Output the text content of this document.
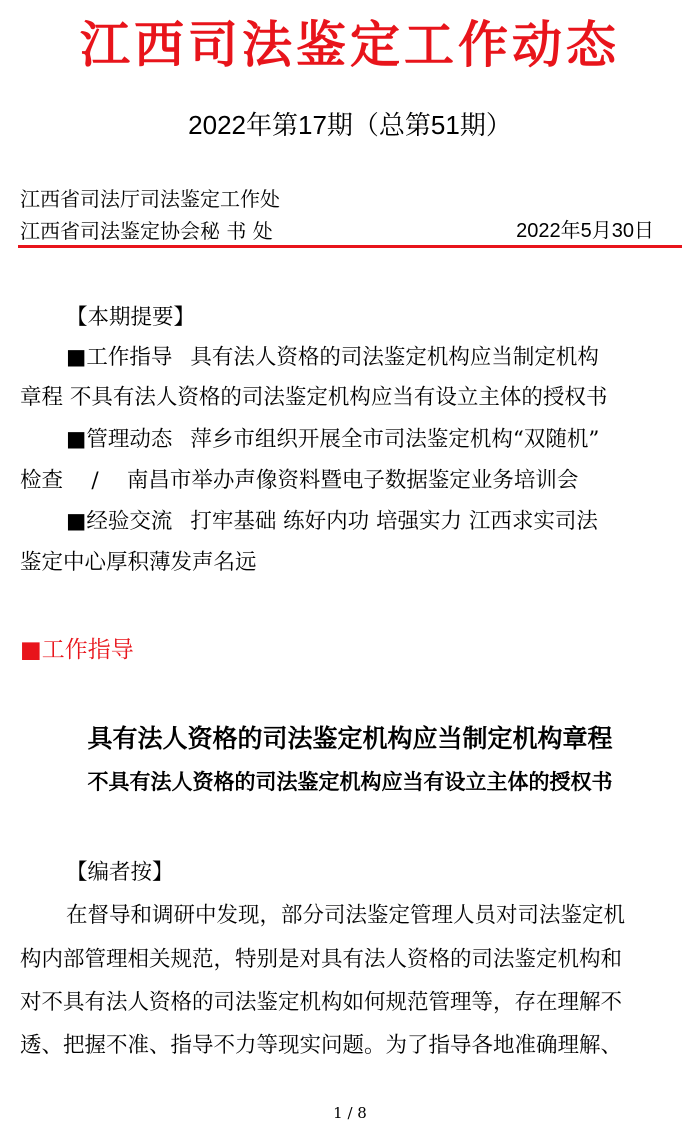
江西司法鉴定工作动态
2022年第17期（总第51期）
江西省司法厅司法鉴定工作处
江西省司法鉴定协会秘 书 处	2022年5月30日
【本期提要】
■工作指导 具有法人资格的司法鉴定机构应当制定机构
章程 不具有法人资格的司法鉴定机构应当有设立主体的授权书
■管理动态 萍乡市组织开展全市司法鉴定机构“双随机”
检查　 /　 南昌市举办声像资料暨电子数据鉴定业务培训会
■经验交流 打牢基础 练好内功 培强实力 江西求实司法
鉴定中心厚积薄发声名远
■工作指导
具有法人资格的司法鉴定机构应当制定机构章程
不具有法人资格的司法鉴定机构应当有设立主体的授权书
【编者按】
在督导和调研中发现，部分司法鉴定管理人员对司法鉴定机
构内部管理相关规范，特别是对具有法人资格的司法鉴定机构和
对不具有法人资格的司法鉴定机构如何规范管理等，存在理解不
透、把握不准、指导不力等现实问题。为了指导各地准确理解、
1 / 8
